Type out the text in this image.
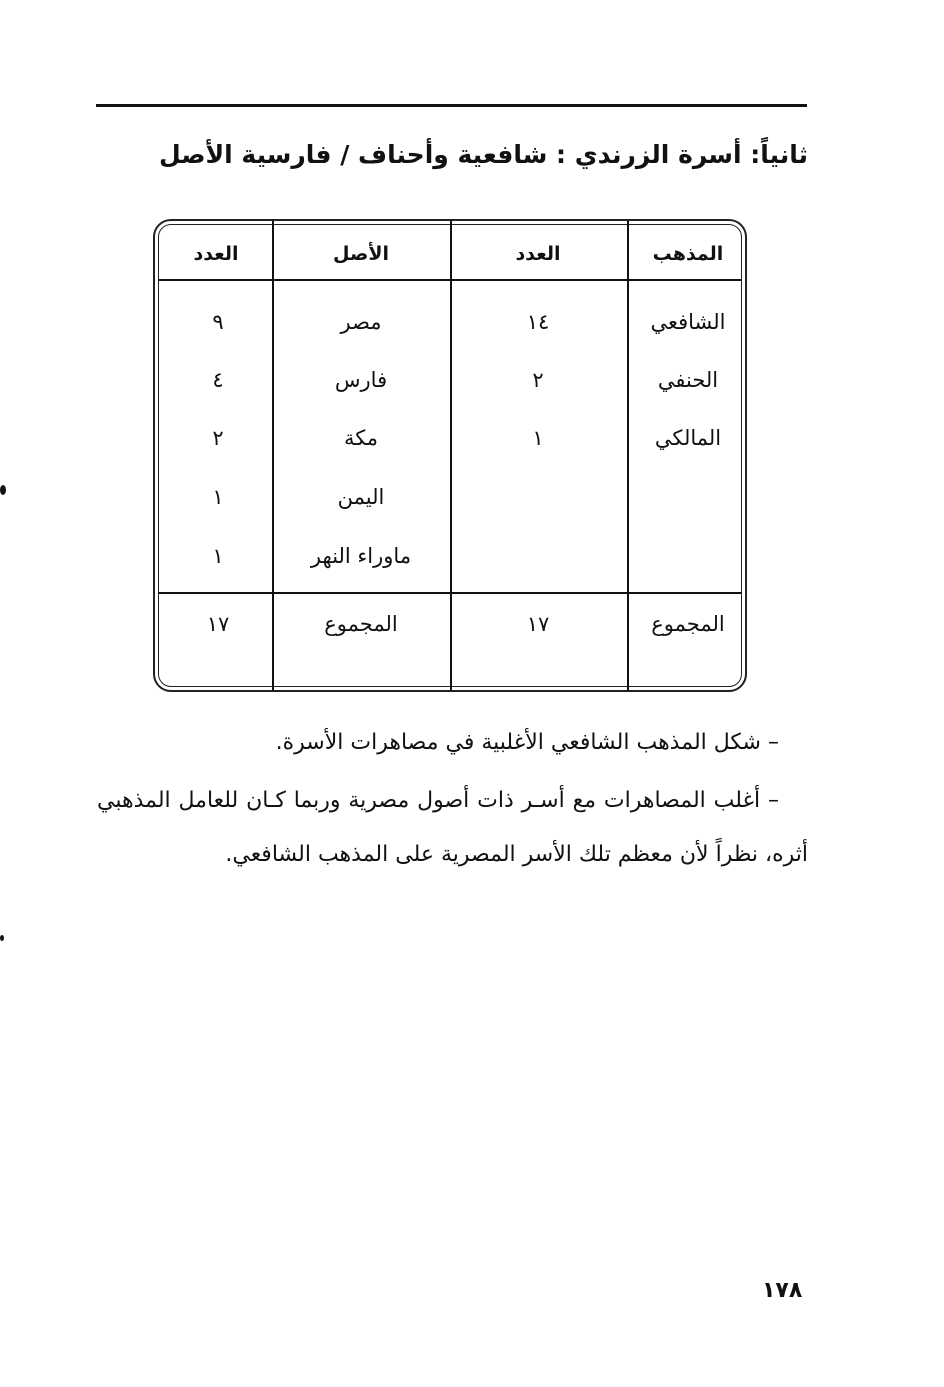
ثانياً: أسرة الزرندي : شافعية وأحناف / فارسية الأصل
المذهب
العدد
الأصل
العدد
الشافعي
الحنفي
المالكي
١٤
٢
١
مصر
فارس
مكة
اليمن
ماوراء النهر
٩
٤
٢
١
١
المجموع
١٧
المجموع
١٧
– شكل المذهب الشافعي الأغلبية في مصاهرات الأسرة.
– أغلب المصاهرات مع أسـر ذات أصول مصرية وربما كـان للعامل المذهبي
أثره، نظراً لأن معظم تلك الأسر المصرية على المذهب الشافعي.
١٧٨
